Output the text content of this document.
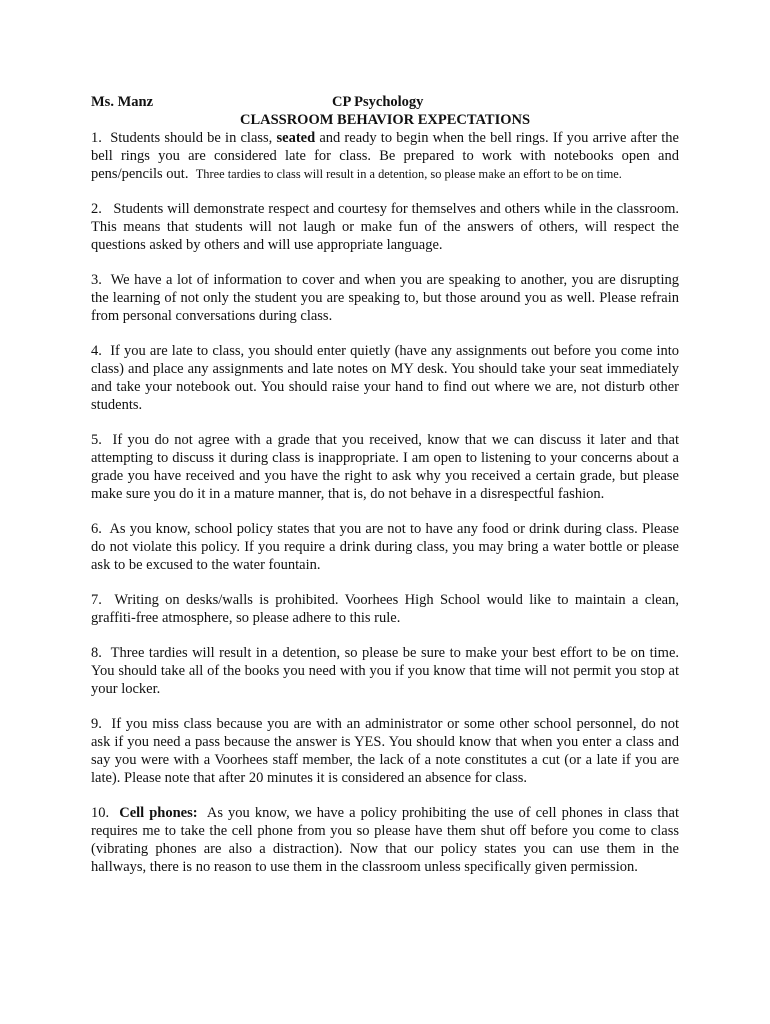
Ms. Manz	CP Psychology
CLASSROOM BEHAVIOR EXPECTATIONS

1. Students should be in class, seated and ready to begin when the bell rings. If you arrive after the bell rings you are considered late for class. Be prepared to work with notebooks open and pens/pencils out. Three tardies to class will result in a detention, so please make an effort to be on time.

2. Students will demonstrate respect and courtesy for themselves and others while in the classroom. This means that students will not laugh or make fun of the answers of others, will respect the questions asked by others and will use appropriate language.

3. We have a lot of information to cover and when you are speaking to another, you are disrupting the learning of not only the student you are speaking to, but those around you as well. Please refrain from personal conversations during class.

4. If you are late to class, you should enter quietly (have any assignments out before you come into class) and place any assignments and late notes on MY desk. You should take your seat immediately and take your notebook out. You should raise your hand to find out where we are, not disturb other students.

5. If you do not agree with a grade that you received, know that we can discuss it later and that attempting to discuss it during class is inappropriate. I am open to listening to your concerns about a grade you have received and you have the right to ask why you received a certain grade, but please make sure you do it in a mature manner, that is, do not behave in a disrespectful fashion.

6. As you know, school policy states that you are not to have any food or drink during class. Please do not violate this policy. If you require a drink during class, you may bring a water bottle or please ask to be excused to the water fountain.

7. Writing on desks/walls is prohibited. Voorhees High School would like to maintain a clean, graffiti-free atmosphere, so please adhere to this rule.

8. Three tardies will result in a detention, so please be sure to make your best effort to be on time. You should take all of the books you need with you if you know that time will not permit you stop at your locker.

9. If you miss class because you are with an administrator or some other school personnel, do not ask if you need a pass because the answer is YES. You should know that when you enter a class and say you were with a Voorhees staff member, the lack of a note constitutes a cut (or a late if you are late). Please note that after 20 minutes it is considered an absence for class.

10. Cell phones: As you know, we have a policy prohibiting the use of cell phones in class that requires me to take the cell phone from you so please have them shut off before you come to class (vibrating phones are also a distraction). Now that our policy states you can use them in the hallways, there is no reason to use them in the classroom unless specifically given permission.
